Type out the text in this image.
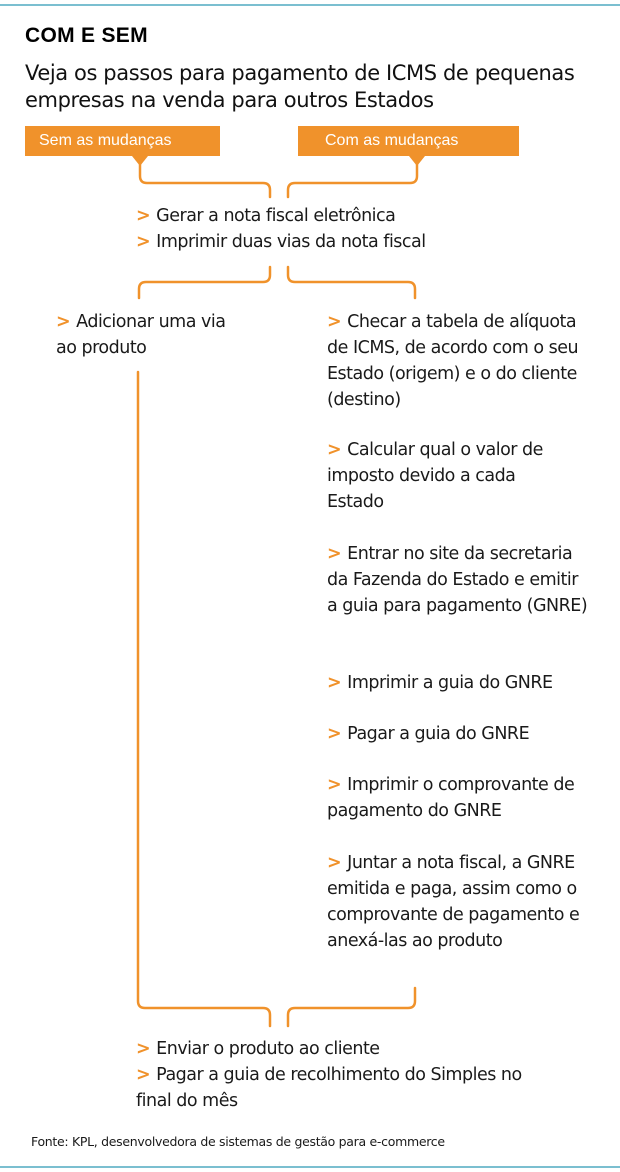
COM E SEM
Veja os passos para pagamento de ICMS de pequenas empresas na venda para outros Estados
Sem as mudanças	Com as mudanças
> Gerar a nota fiscal eletrônica
> Imprimir duas vias da nota fiscal
> Adicionar uma via ao produto
> Checar a tabela de alíquota de ICMS, de acordo com o seu Estado (origem) e o do cliente (destino)
> Calcular qual o valor de imposto devido a cada Estado
> Entrar no site da secretaria da Fazenda do Estado e emitir a guia para pagamento (GNRE)
> Imprimir a guia do GNRE
> Pagar a guia do GNRE
> Imprimir o comprovante de pagamento do GNRE
> Juntar a nota fiscal, a GNRE emitida e paga, assim como o comprovante de pagamento e anexá-las ao produto
> Enviar o produto ao cliente
> Pagar a guia de recolhimento do Simples no final do mês
Fonte: KPL, desenvolvedora de sistemas de gestão para e-commerce
